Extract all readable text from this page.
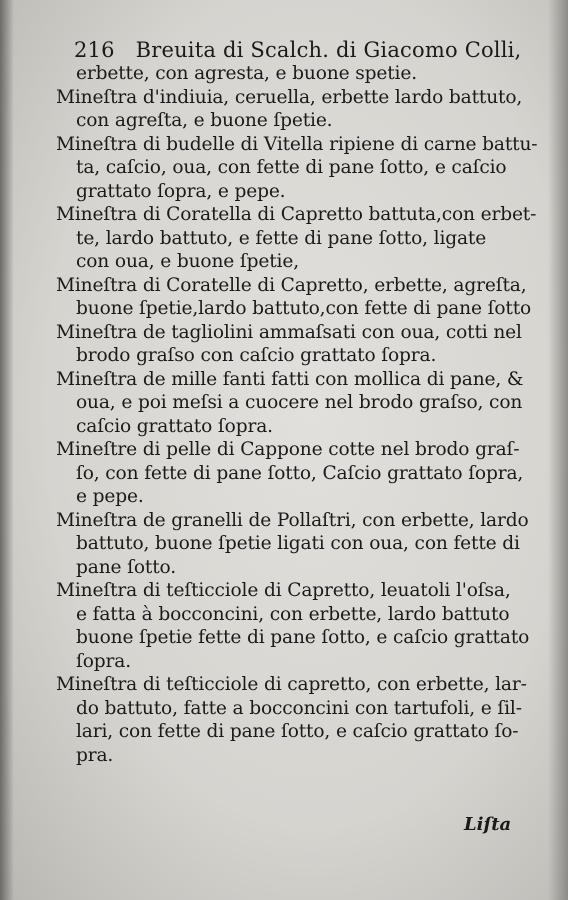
216 Breuita di Scalch. di Giacomo Colli,
erbette, con agresta, e buone spetie.
Mineſtra d'indiuia, ceruella, erbette lardo battuto,
con agreſta, e buone ſpetie.
Mineſtra di budelle di Vitella ripiene di carne battu-
ta, caſcio, oua, con fette di pane ſotto, e caſcio
grattato ſopra, e pepe.
Mineſtra di Coratella di Capretto battuta,con erbet-
te, lardo battuto, e fette di pane ſotto, ligate
con oua, e buone ſpetie,
Mineſtra di Coratelle di Capretto, erbette, agreſta,
buone ſpetie,lardo battuto,con fette di pane ſotto
Mineſtra de tagliolini ammaſsati con oua, cotti nel
brodo graſso con caſcio grattato ſopra.
Mineſtra de mille fanti fatti con mollica di pane, &
oua, e poi meſsi a cuocere nel brodo graſso, con
caſcio grattato ſopra.
Mineſtre di pelle di Cappone cotte nel brodo graſ-
ſo, con fette di pane ſotto, Caſcio grattato ſopra,
e pepe.
Mineſtra de granelli de Pollaſtri, con erbette, lardo
battuto, buone ſpetie ligati con oua, con fette di
pane ſotto.
Mineſtra di teſticciole di Capretto, leuatoli l'oſsa,
e fatta à bocconcini, con erbette, lardo battuto
buone ſpetie fette di pane ſotto, e caſcio grattato
ſopra.
Mineſtra di teſticciole di capretto, con erbette, lar-
do battuto, fatte a bocconcini con tartufoli, e ſil-
lari, con fette di pane ſotto, e caſcio grattato ſo-
pra.
Liſta
